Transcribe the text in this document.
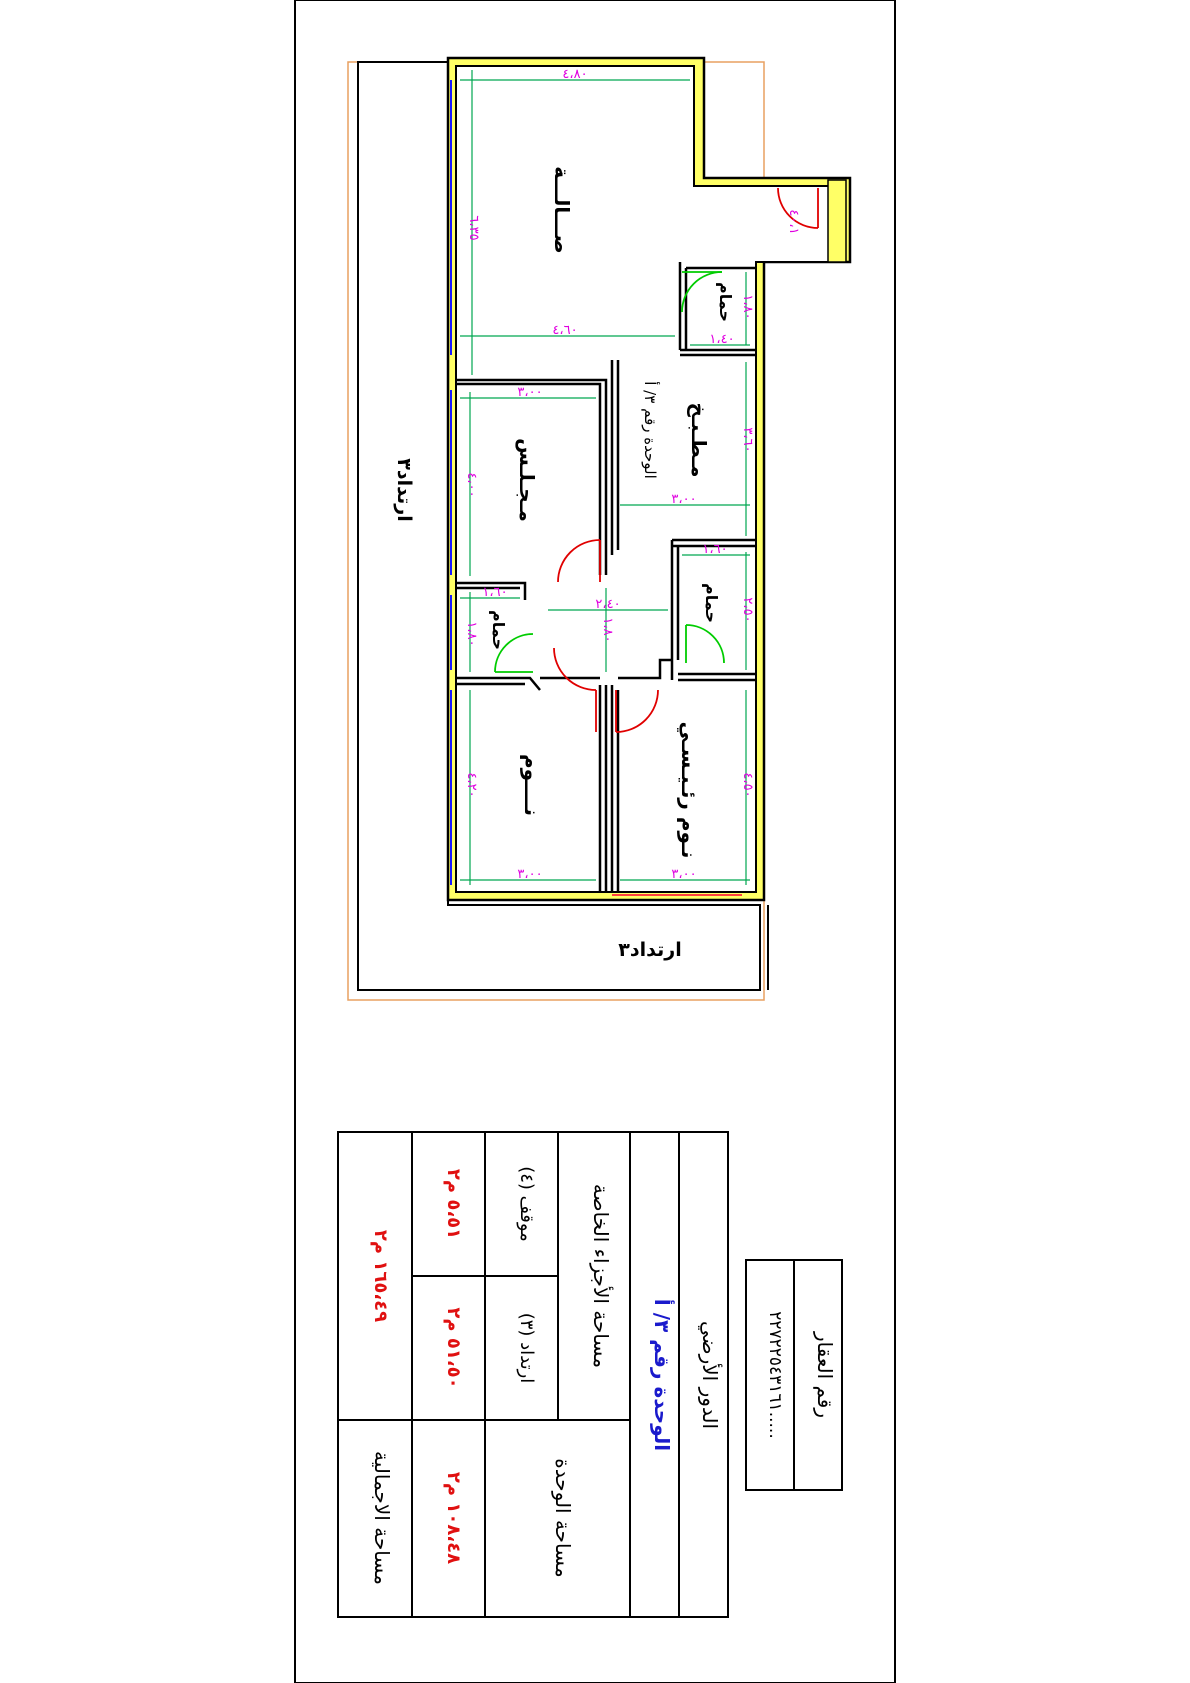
٤،٨٠
٦،٣٥
٤،٦٠
٤٠،١
١،٨٠
١،٤٠
٣،٦٠
٣،٠٠
٣،٠٠
٤،٠٠
١،٦٠
٢،٥٠
٢،٤٠
١،٨٠
١،٦٠
١،٨٠
٤،٢٠
٣،٠٠
٤،٥٠
٣،٠٠
صـــالـــة
مـطـبـخ
مـجـلـس
حمام
حمام
حمام
نــــوم	نـوم رئـيـسـي
الوحدة رقم ٣/ أ
ارتداد٣
ارتداد٣
رقم العقار
٢٢٧٢٢٥٤٣١٦١.....
الدور الأرضي
الوحدة رقم ٣/ أ
مساحة الأجزاء الخاصة
مساحة الوحدة
١٠٨،٤٨ م٢
ارتداد (٣)
٥١،٥٠ م٢
موقف (٤)
٥،٥١ م٢
مساحة الاجمالية
١٦٥،٤٩ م٢
